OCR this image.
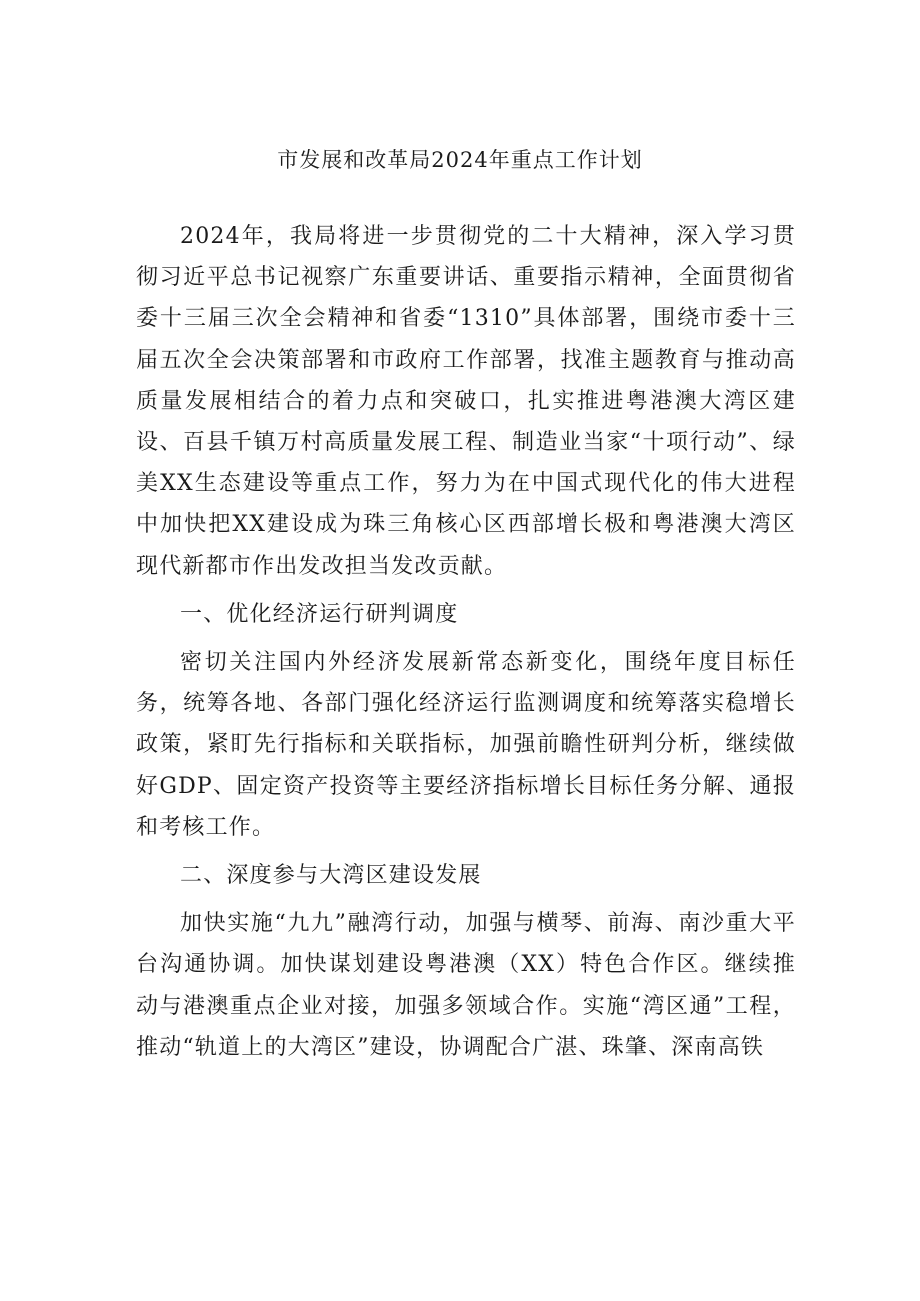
市发展和改革局2024年重点工作计划

2024年，我局将进一步贯彻党的二十大精神，深入学习贯彻习近平总书记视察广东重要讲话、重要指示精神，全面贯彻省委十三届三次全会精神和省委“1310”具体部署，围绕市委十三届五次全会决策部署和市政府工作部署，找准主题教育与推动高质量发展相结合的着力点和突破口，扎实推进粤港澳大湾区建设、百县千镇万村高质量发展工程、制造业当家“十项行动”、绿美XX生态建设等重点工作，努力为在中国式现代化的伟大进程中加快把XX建设成为珠三角核心区西部增长极和粤港澳大湾区现代新都市作出发改担当发改贡献。

一、优化经济运行研判调度

密切关注国内外经济发展新常态新变化，围绕年度目标任务，统筹各地、各部门强化经济运行监测调度和统筹落实稳增长政策，紧盯先行指标和关联指标，加强前瞻性研判分析，继续做好GDP、固定资产投资等主要经济指标增长目标任务分解、通报和考核工作。

二、深度参与大湾区建设发展

加快实施“九九”融湾行动，加强与横琴、前海、南沙重大平台沟通协调。加快谋划建设粤港澳（XX）特色合作区。继续推动与港澳重点企业对接，加强多领域合作。实施“湾区通”工程，推动“轨道上的大湾区”建设，协调配合广湛、珠肇、深南高铁
